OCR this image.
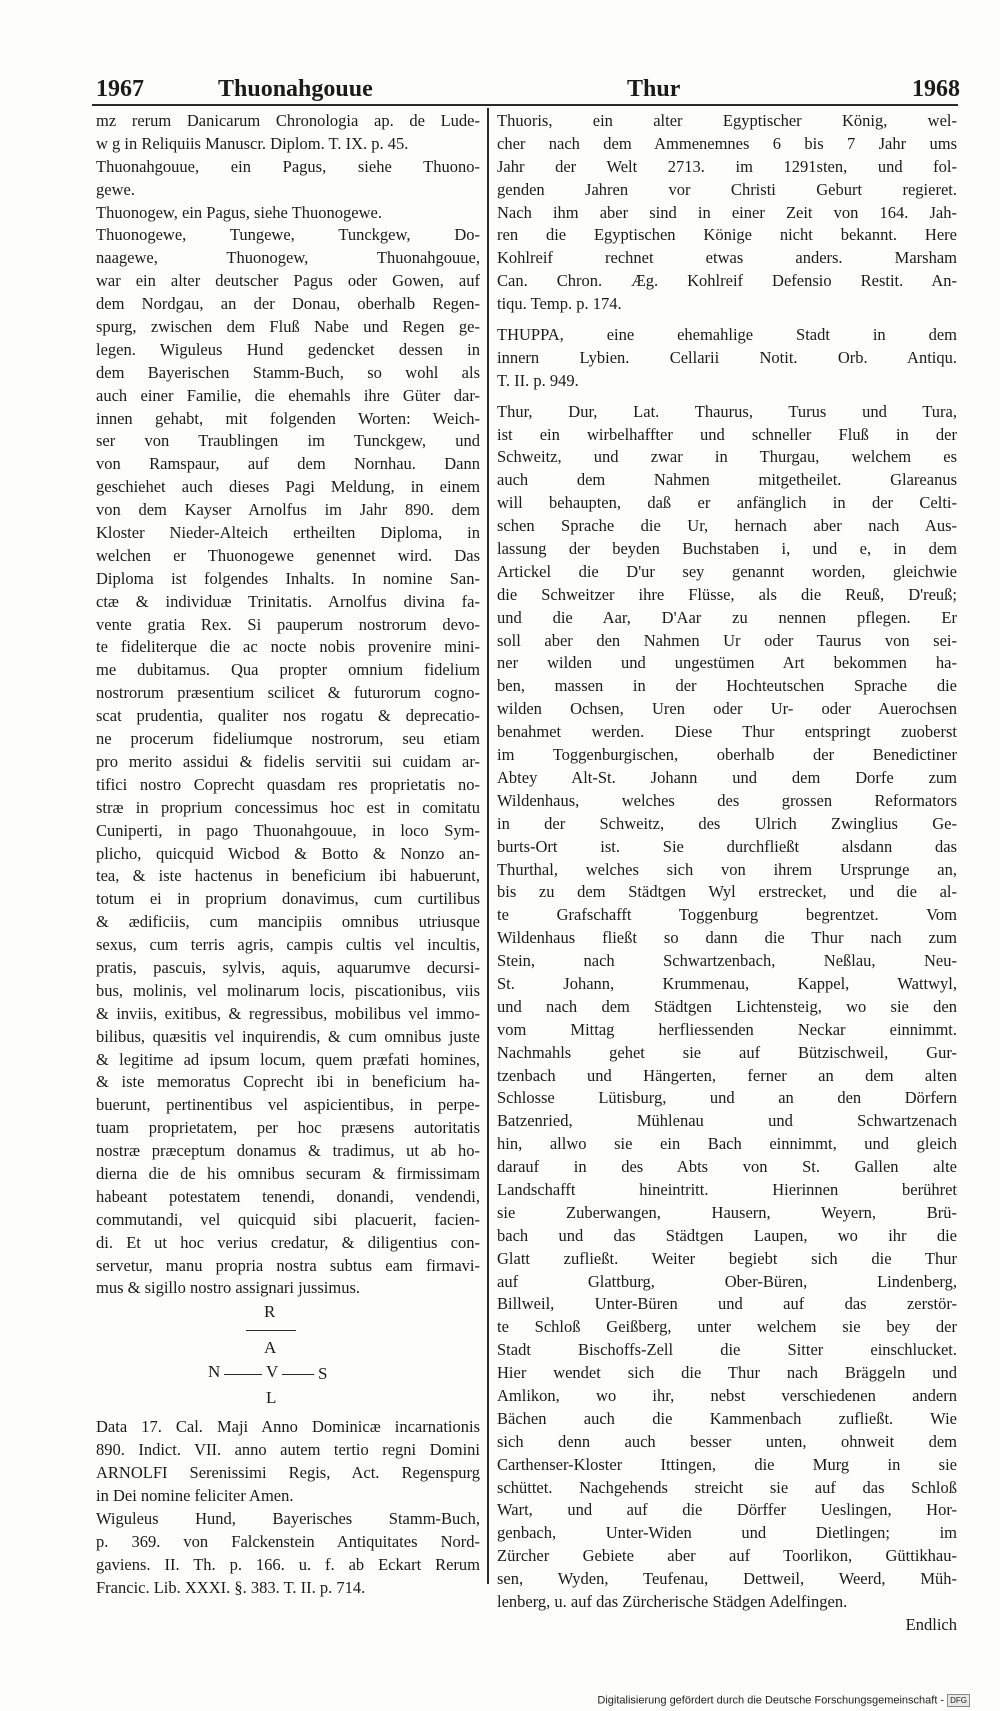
1967	Thuonahgouue	Thur	1968
mz rerum Danicarum Chronologia ap. de Lude-
w g in Reliquiis Manuscr. Diplom. T. IX. p. 45.
Thuonahgouue, ein Pagus, siehe Thuono-
gewe.
Thuonogew, ein Pagus, siehe Thuonogewe.
Thuonogewe, Tungewe, Tunckgew, Do-
naagewe, Thuonogew, Thuonahgouue,
war ein alter deutscher Pagus oder Gowen, auf
dem Nordgau, an der Donau, oberhalb Regen-
spurg, zwischen dem Fluß Nabe und Regen ge-
legen. Wiguleus Hund gedencket dessen in
dem Bayerischen Stamm-Buch, so wohl als
auch einer Familie, die ehemahls ihre Güter dar-
innen gehabt, mit folgenden Worten: Weich-
ser von Traublingen im Tunckgew, und
von Ramspaur, auf dem Nornhau. Dann
geschiehet auch dieses Pagi Meldung, in einem
von dem Kayser Arnolfus im Jahr 890. dem
Kloster Nieder-Alteich ertheilten Diploma, in
welchen er Thuonogewe genennet wird. Das
Diploma ist folgendes Inhalts. In nomine San-
ctæ & individuæ Trinitatis. Arnolfus divina fa-
vente gratia Rex. Si pauperum nostrorum devo-
te fideliterque die ac nocte nobis provenire mini-
me dubitamus. Qua propter omnium fidelium
nostrorum præsentium scilicet & futurorum cogno-
scat prudentia, qualiter nos rogatu & deprecatio-
ne procerum fideliumque nostrorum, seu etiam
pro merito assidui & fidelis servitii sui cuidam ar-
tifici nostro Coprecht quasdam res proprietatis no-
stræ in proprium concessimus hoc est in comitatu
Cuniperti, in pago Thuonahgouue, in loco Sym-
plicho, quicquid Wicbod & Botto & Nonzo an-
tea, & iste hactenus in beneficium ibi habuerunt,
totum ei in proprium donavimus, cum curtilibus
& ædificiis, cum mancipiis omnibus utriusque
sexus, cum terris agris, campis cultis vel incultis,
pratis, pascuis, sylvis, aquis, aquarumve decursi-
bus, molinis, vel molinarum locis, piscationibus, viis
& inviis, exitibus, & regressibus, mobilibus vel immo-
bilibus, quæsitis vel inquirendis, & cum omnibus juste
& legitime ad ipsum locum, quem præfati homines,
& iste memoratus Coprecht ibi in beneficium ha-
buerunt, pertinentibus vel aspicientibus, in perpe-
tuam proprietatem, per hoc præsens autoritatis
nostræ præceptum donamus & tradimus, ut ab ho-
dierna die de his omnibus securam & firmissimam
habeant potestatem tenendi, donandi, vendendi,
commutandi, vel quicquid sibi placuerit, facien-
di. Et ut hoc verius credatur, & diligentius con-
servetur, manu propria nostra subtus eam firmavi-
mus & sigillo nostro assignari jussimus.
R
A
N	V S
L
Data 17. Cal. Maji Anno Dominicæ incarnationis
890. Indict. VII. anno autem tertio regni Domini
ARNOLFI Serenissimi Regis, Act. Regenspurg
in Dei nomine feliciter Amen.
Wiguleus Hund, Bayerisches Stamm-Buch,
p. 369. von Falckenstein Antiquitates Nord-
gaviens. II. Th. p. 166. u. f. ab Eckart Rerum
Francic. Lib. XXXI. §. 383. T. II. p. 714.
Thuoris, ein alter Egyptischer König, wel-
cher nach dem Ammenemnes 6 bis 7 Jahr ums
Jahr der Welt 2713. im 1291sten, und fol-
genden Jahren vor Christi Geburt regieret.
Nach ihm aber sind in einer Zeit von 164. Jah-
ren die Egyptischen Könige nicht bekannt. Here
Kohlreif rechnet etwas anders. Marsham
Can. Chron. Æg. Kohlreif Defensio Restit. An-
tiqu. Temp. p. 174.
THUPPA, eine ehemahlige Stadt in dem
innern Lybien. Cellarii Notit. Orb. Antiqu.
T. II. p. 949.
Thur, Dur, Lat. Thaurus, Turus und Tura,
ist ein wirbelhaffter und schneller Fluß in der
Schweitz, und zwar in Thurgau, welchem es
auch dem Nahmen mitgetheilet. Glareanus
will behaupten, daß er anfänglich in der Celti-
schen Sprache die Ur, hernach aber nach Aus-
lassung der beyden Buchstaben i, und e, in dem
Artickel die D'ur sey genannt worden, gleichwie
die Schweitzer ihre Flüsse, als die Reuß, D'reuß;
und die Aar, D'Aar zu nennen pflegen. Er
soll aber den Nahmen Ur oder Taurus von sei-
ner wilden und ungestümen Art bekommen ha-
ben, massen in der Hochteutschen Sprache die
wilden Ochsen, Uren oder Ur- oder Auerochsen
benahmet werden. Diese Thur entspringt zuoberst
im Toggenburgischen, oberhalb der Benedictiner
Abtey Alt-St. Johann und dem Dorfe zum
Wildenhaus, welches des grossen Reformators
in der Schweitz, des Ulrich Zwinglius Ge-
burts-Ort ist. Sie durchfließt alsdann das
Thurthal, welches sich von ihrem Ursprunge an,
bis zu dem Städtgen Wyl erstrecket, und die al-
te Grafschafft Toggenburg begrentzet. Vom
Wildenhaus fließt so dann die Thur nach zum
Stein, nach Schwartzenbach, Neßlau, Neu-
St. Johann, Krummenau, Kappel, Wattwyl,
und nach dem Städtgen Lichtensteig, wo sie den
vom Mittag herfliessenden Neckar einnimmt.
Nachmahls gehet sie auf Bützischweil, Gur-
tzenbach und Hängerten, ferner an dem alten
Schlosse Lütisburg, und an den Dörfern
Batzenried, Mühlenau und Schwartzenach
hin, allwo sie ein Bach einnimmt, und gleich
darauf in des Abts von St. Gallen alte
Landschafft hineintritt. Hierinnen berühret
sie Zuberwangen, Hausern, Weyern, Brü-
bach und das Städtgen Laupen, wo ihr die
Glatt zufließt. Weiter begiebt sich die Thur
auf Glattburg, Ober-Büren, Lindenberg,
Billweil, Unter-Büren und auf das zerstör-
te Schloß Geißberg, unter welchem sie bey der
Stadt Bischoffs-Zell die Sitter einschlucket.
Hier wendet sich die Thur nach Bräggeln und
Amlikon, wo ihr, nebst verschiedenen andern
Bächen auch die Kammenbach zufließt. Wie
sich denn auch besser unten, ohnweit dem
Carthenser-Kloster Ittingen, die Murg in sie
schüttet. Nachgehends streicht sie auf das Schloß
Wart, und auf die Dörffer Ueslingen, Hor-
genbach, Unter-Widen und Dietlingen; im
Zürcher Gebiete aber auf Toorlikon, Güttikhau-
sen, Wyden, Teufenau, Dettweil, Weerd, Müh-
lenberg, u. auf das Zürcherische Städgen Adelfingen.
Endlich
Digitalisierung gefördert durch die Deutsche Forschungsgemeinschaft - DFG
